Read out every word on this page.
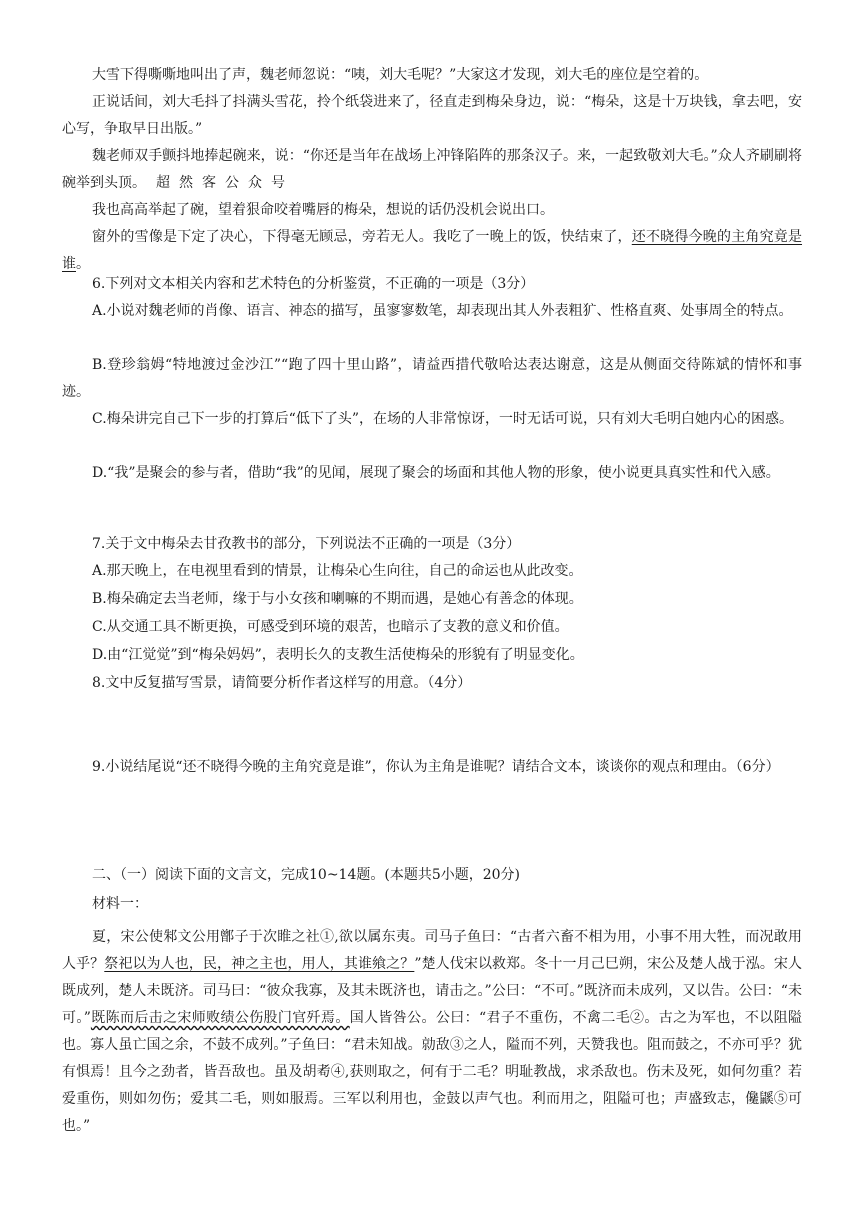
大雪下得嘶嘶地叫出了声，魏老师忽说：“咦，刘大毛呢？”大家这才发现，刘大毛的座位是空着的。

正说话间，刘大毛抖了抖满头雪花，拎个纸袋进来了，径直走到梅朵身边，说：“梅朵，这是十万块钱，拿去吧，安心写，争取早日出版。”

魏老师双手颤抖地捧起碗来，说：“你还是当年在战场上冲锋陷阵的那条汉子。来，一起致敬刘大毛。”众人齐刷刷将碗举到头顶。 超然客公众号

我也高高举起了碗，望着狠命咬着嘴唇的梅朵，想说的话仍没机会说出口。

窗外的雪像是下定了决心，下得毫无顾忌，旁若无人。我吃了一晚上的饭，快结束了，还不晓得今晚的主角究竟是谁。

6.下列对文本相关内容和艺术特色的分析鉴赏，不正确的一项是（3分）

A.小说对魏老师的肖像、语言、神态的描写，虽寥寥数笔，却表现出其人外表粗犷、性格直爽、处事周全的特点。

B.登珍翁姆“特地渡过金沙江”“跑了四十里山路”，请益西措代敬哈达表达谢意，这是从侧面交待陈斌的情怀和事迹。

C.梅朵讲完自己下一步的打算后“低下了头”，在场的人非常惊讶，一时无话可说，只有刘大毛明白她内心的困惑。

D.“我”是聚会的参与者，借助“我”的见闻，展现了聚会的场面和其他人物的形象，使小说更具真实性和代入感。

7.关于文中梅朵去甘孜教书的部分，下列说法不正确的一项是（3分）

A.那天晚上，在电视里看到的情景，让梅朵心生向往，自己的命运也从此改变。

B.梅朵确定去当老师，缘于与小女孩和喇嘛的不期而遇，是她心有善念的体现。

C.从交通工具不断更换，可感受到环境的艰苦，也暗示了支教的意义和价值。

D.由“江觉觉”到“梅朵妈妈”，表明长久的支教生活使梅朵的形貌有了明显变化。

8.文中反复描写雪景，请简要分析作者这样写的用意。（4分）

9.小说结尾说“还不晓得今晚的主角究竟是谁”，你认为主角是谁呢？请结合文本，谈谈你的观点和理由。（6分）

二、（一）阅读下面的文言文，完成10~14题。(本题共5小题，20分)

材料一：

夏，宋公使邾文公用鄫子于次睢之社①,欲以属东夷。司马子鱼曰：“古者六畜不相为用，小事不用大牲，而况敢用人乎？祭祀以为人也，民，神之主也，用人，其谁飨之？”楚人伐宋以救郑。冬十一月己巳朔，宋公及楚人战于泓。宋人既成列，楚人未既济。司马曰：“彼众我寡，及其未既济也，请击之。”公曰：“不可。”既济而未成列，又以告。公曰：“未可。”既陈而后击之宋师败绩公伤股门官歼焉。国人皆咎公。公曰：“君子不重伤，不禽二毛②。古之为军也，不以阻隘也。寡人虽亡国之余，不鼓不成列。”子鱼曰：“君未知战。勍敌③之人，隘而不列，天赞我也。阻而鼓之，不亦可乎？犹有惧焉！且今之劲者，皆吾敌也。虽及胡耇④,获则取之，何有于二毛？明耻教战，求杀敌也。伤未及死，如何勿重？若爱重伤，则如勿伤；爱其二毛，则如服焉。三军以利用也，金鼓以声气也。利而用之，阻隘可也；声盛致志，儳鼷⑤可也。”
